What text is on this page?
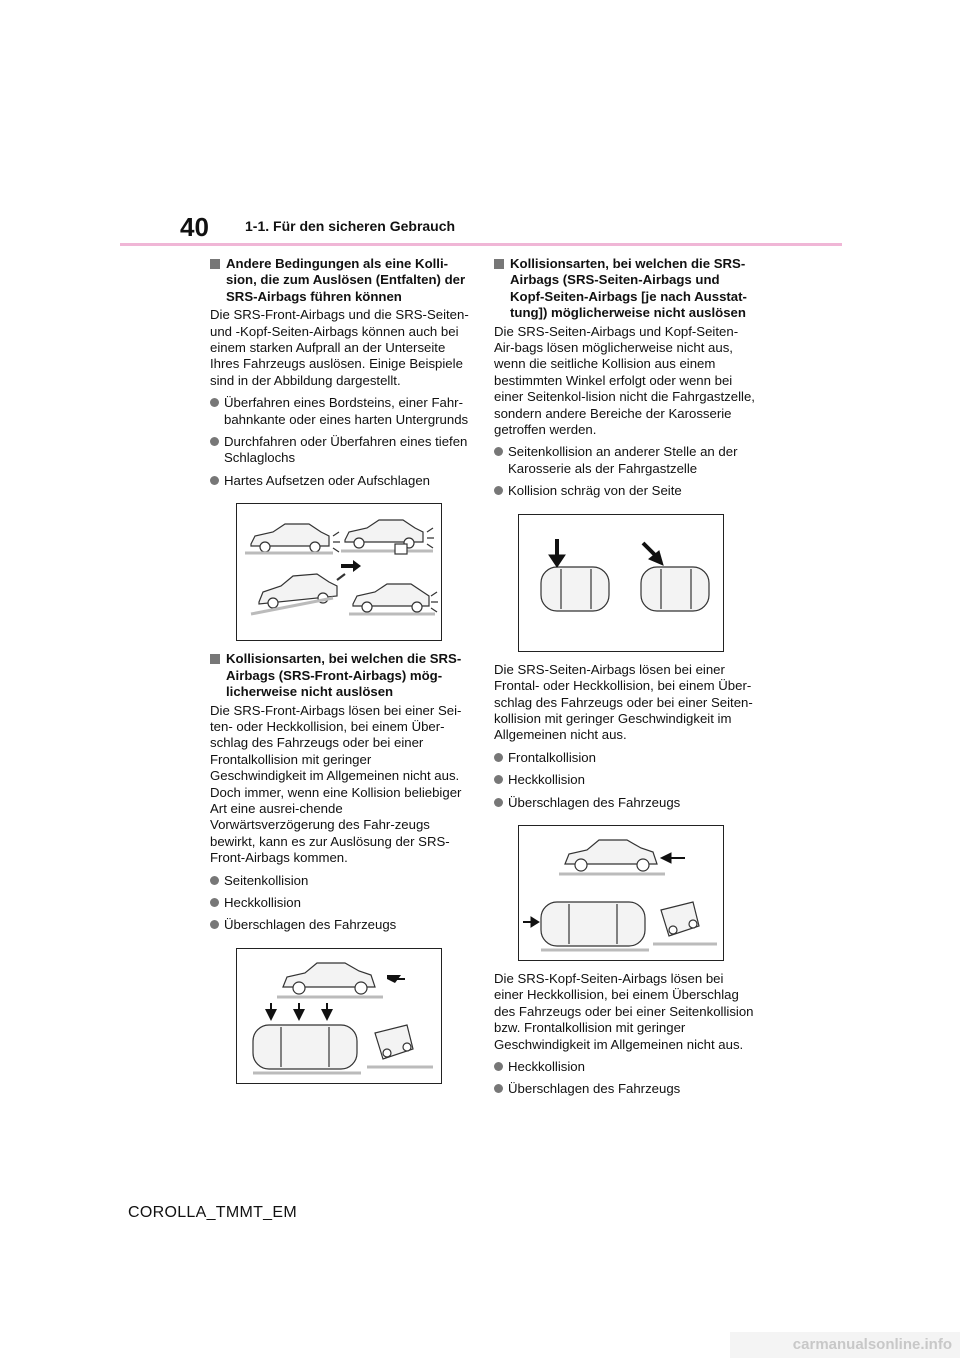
40	1-1. Für den sicheren Gebrauch
Andere Bedingungen als eine Kolli-sion, die zum Auslösen (Entfalten) der SRS-Airbags führen können
Die SRS-Front-Airbags und die SRS-Seiten- und -Kopf-Seiten-Airbags können auch bei einem starken Aufprall an der Unterseite Ihres Fahrzeugs auslösen. Einige Beispiele sind in der Abbildung dargestellt.
Überfahren eines Bordsteins, einer Fahr-bahnkante oder eines harten Untergrunds
Durchfahren oder Überfahren eines tiefen Schlaglochs
Hartes Aufsetzen oder Aufschlagen
Kollisionsarten, bei welchen die SRS-Airbags (SRS-Front-Airbags) mög-licherweise nicht auslösen
Die SRS-Front-Airbags lösen bei einer Sei-ten- oder Heckkollision, bei einem Über-schlag des Fahrzeugs oder bei einer Frontalkollision mit geringer Geschwindigkeit im Allgemeinen nicht aus. Doch immer, wenn eine Kollision beliebiger Art eine ausrei-chende Vorwärtsverzögerung des Fahr-zeugs bewirkt, kann es zur Auslösung der SRS-Front-Airbags kommen.
Seitenkollision
Heckkollision
Überschlagen des Fahrzeugs
Kollisionsarten, bei welchen die SRS-Airbags (SRS-Seiten-Airbags und Kopf-Seiten-Airbags [je nach Ausstat-tung]) möglicherweise nicht auslösen
Die SRS-Seiten-Airbags und Kopf-Seiten-Air-bags lösen möglicherweise nicht aus, wenn die seitliche Kollision aus einem bestimmten Winkel erfolgt oder wenn bei einer Seitenkol-lision nicht die Fahrgastzelle, sondern andere Bereiche der Karosserie getroffen werden.
Seitenkollision an anderer Stelle an der Karosserie als der Fahrgastzelle
Kollision schräg von der Seite
Die SRS-Seiten-Airbags lösen bei einer Frontal- oder Heckkollision, bei einem Über-schlag des Fahrzeugs oder bei einer Seiten-kollision mit geringer Geschwindigkeit im Allgemeinen nicht aus.
Frontalkollision
Heckkollision
Überschlagen des Fahrzeugs
Die SRS-Kopf-Seiten-Airbags lösen bei einer Heckkollision, bei einem Überschlag des Fahrzeugs oder bei einer Seitenkollision bzw. Frontalkollision mit geringer Geschwindigkeit im Allgemeinen nicht aus.
Heckkollision
Überschlagen des Fahrzeugs
COROLLA_TMMT_EM
carmanualsonline.info
